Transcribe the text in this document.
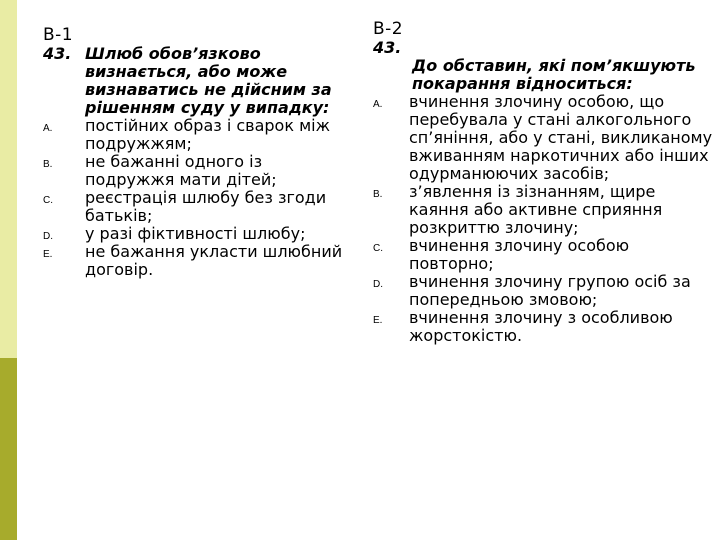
В-1
43. Шлюб обов’язково визнається, або може визнаватись не дійсним за рішенням суду у випадку:
A.	постійних образ і сварок між подружжям;
B.	не бажанні одного із подружжя мати дітей;
C.	реєстрація шлюбу без згоди батьків;
D.	у разі фіктивності шлюбу;
E.	не бажання укласти шлюбний договір.
В-2
43.
До обставин, які пом’якшують покарання відноситься:
A.	вчинення злочину особою, що перебувала у стані алкогольного сп’яніння, або у стані, викликаному вживанням наркотичних або інших одурманюючих засобів;
B.	з’явлення із зізнанням, щире каяння або активне сприяння розкриттю злочину;
C.	вчинення злочину особою повторно;
D.	вчинення злочину групою осіб за попередньою змовою;
E.	вчинення злочину з особливою жорстокістю.
